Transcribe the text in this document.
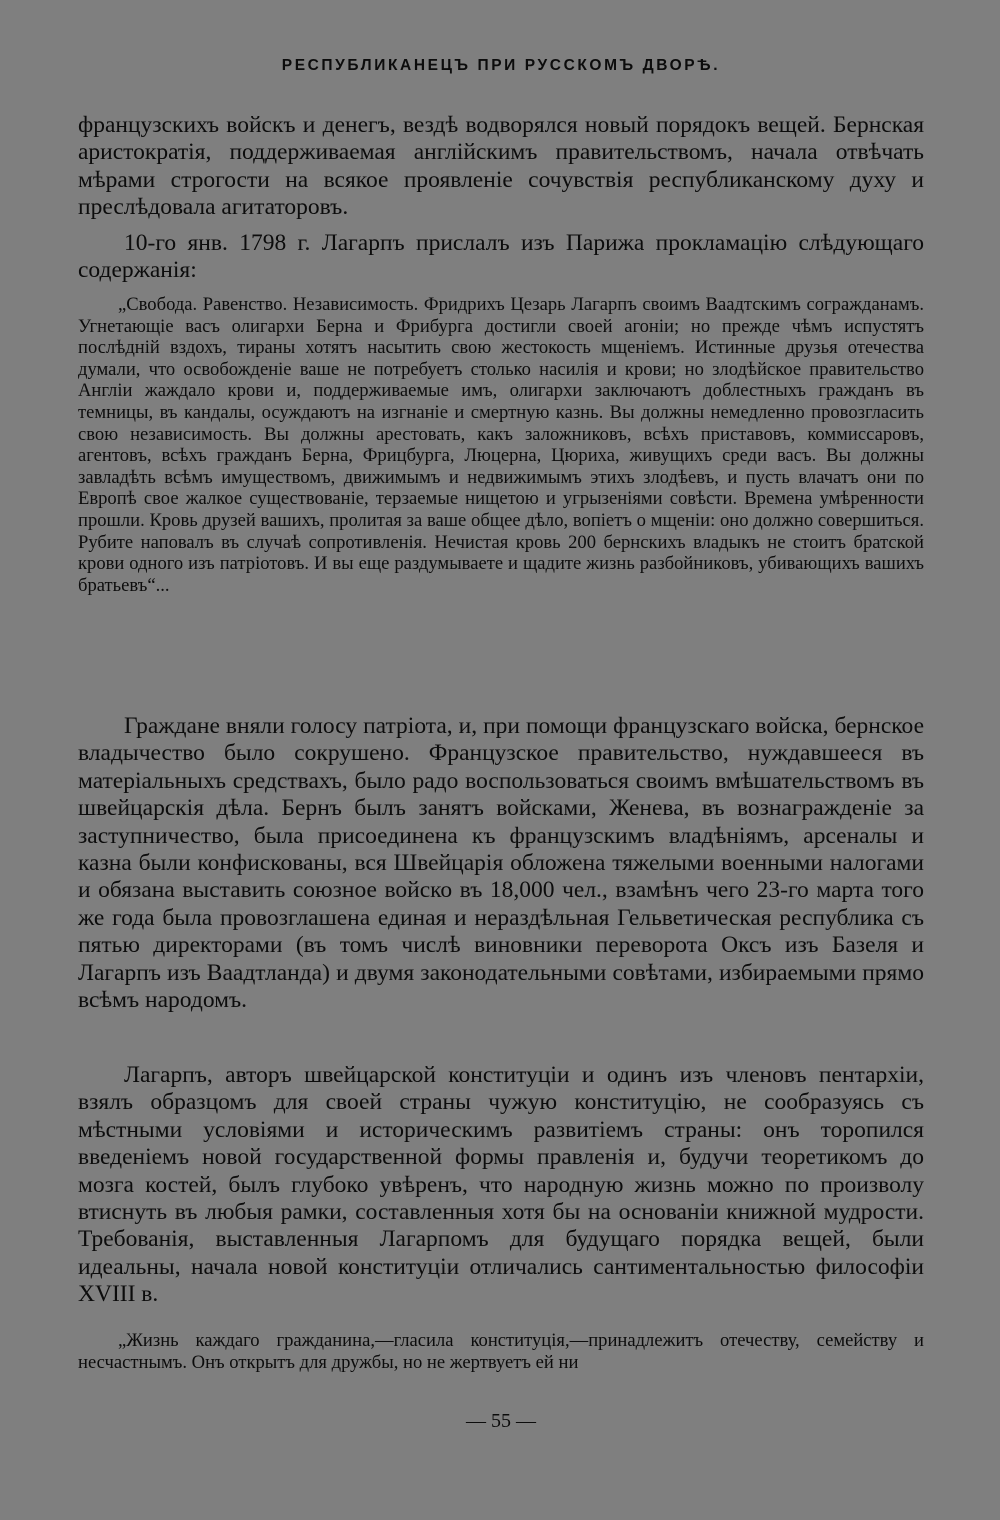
РЕСПУБЛИКАНЕЦЪ ПРИ РУССКОМЪ ДВОРѢ.

французскихъ войскъ и денегъ, вездѣ водворялся новый порядокъ вещей. Бернская аристократія, поддерживаемая англійскимъ правительствомъ, начала отвѣчать мѣрами строгости на всякое проявленіе сочувствія республиканскому духу и преслѣдовала агитаторовъ.

10-го янв. 1798 г. Лагарпъ прислалъ изъ Парижа прокламацію слѣдующаго содержанія:

„Свобода. Равенство. Независимость. Фридрихъ Цезарь Лагарпъ своимъ Ваадтскимъ согражданамъ. Угнетающіе васъ олигархи Берна и Фрибурга достигли своей агоніи; но прежде чѣмъ испустятъ послѣдній вздохъ, тираны хотятъ насытить свою жестокость мщеніемъ. Истинные друзья отечества думали, что освобожденіе ваше не потребуетъ столько насилія и крови; но злодѣйское правительство Англіи жаждало крови и, поддерживаемые имъ, олигархи заключаютъ доблестныхъ гражданъ въ темницы, въ кандалы, осуждаютъ на изгнаніе и смертную казнь. Вы должны немедленно провозгласить свою независимость. Вы должны арестовать, какъ заложниковъ, всѣхъ приставовъ, коммиссаровъ, агентовъ, всѣхъ гражданъ Берна, Фрицбурга, Люцерна, Цюриха, живущихъ среди васъ. Вы должны завладѣть всѣмъ имуществомъ, движимымъ и недвижимымъ этихъ злодѣевъ, и пусть влачатъ они по Европѣ свое жалкое существованіе, терзаемые нищетою и угрызеніями совѣсти. Времена умѣренности прошли. Кровь друзей вашихъ, пролитая за ваше общее дѣло, вопіетъ о мщеніи: оно должно совершиться. Рубите наповалъ въ случаѣ сопротивленія. Нечистая кровь 200 бернскихъ владыкъ не стоитъ братской крови одного изъ патріотовъ. И вы еще раздумываете и щадите жизнь разбойниковъ, убивающихъ вашихъ братьевъ“...

Граждане вняли голосу патріота, и, при помощи французскаго войска, бернское владычество было сокрушено. Французское правительство, нуждавшееся въ матеріальныхъ средствахъ, было радо воспользоваться своимъ вмѣшательствомъ въ швейцарскія дѣла. Бернъ былъ занятъ войсками, Женева, въ вознагражденіе за заступничество, была присоединена къ французскимъ владѣніямъ, арсеналы и казна были конфискованы, вся Швейцарія обложена тяжелыми военными налогами и обязана выставить союзное войско въ 18,000 чел., взамѣнъ чего 23-го марта того же года была провозглашена единая и нераздѣльная Гельветическая республика съ пятью директорами (въ томъ числѣ виновники переворота Оксъ изъ Базеля и Лагарпъ изъ Ваадтланда) и двумя законодательными совѣтами, избираемыми прямо всѣмъ народомъ.

Лагарпъ, авторъ швейцарской конституціи и одинъ изъ членовъ пентархіи, взялъ образцомъ для своей страны чужую конституцію, не сообразуясь съ мѣстными условіями и историческимъ развитіемъ страны: онъ торопился введеніемъ новой государственной формы правленія и, будучи теоретикомъ до мозга костей, былъ глубоко увѣренъ, что народную жизнь можно по произволу втиснуть въ любыя рамки, составленныя хотя бы на основаніи книжной мудрости. Требованія, выставленныя Лагарпомъ для будущаго порядка вещей, были идеальны, начала новой конституціи отличались сантиментальностью философіи XVIII в.

„Жизнь каждаго гражданина,—гласила конституція,—принадлежитъ отечеству, семейству и несчастнымъ. Онъ открытъ для дружбы, но не жертвуетъ ей ни

— 55 —
